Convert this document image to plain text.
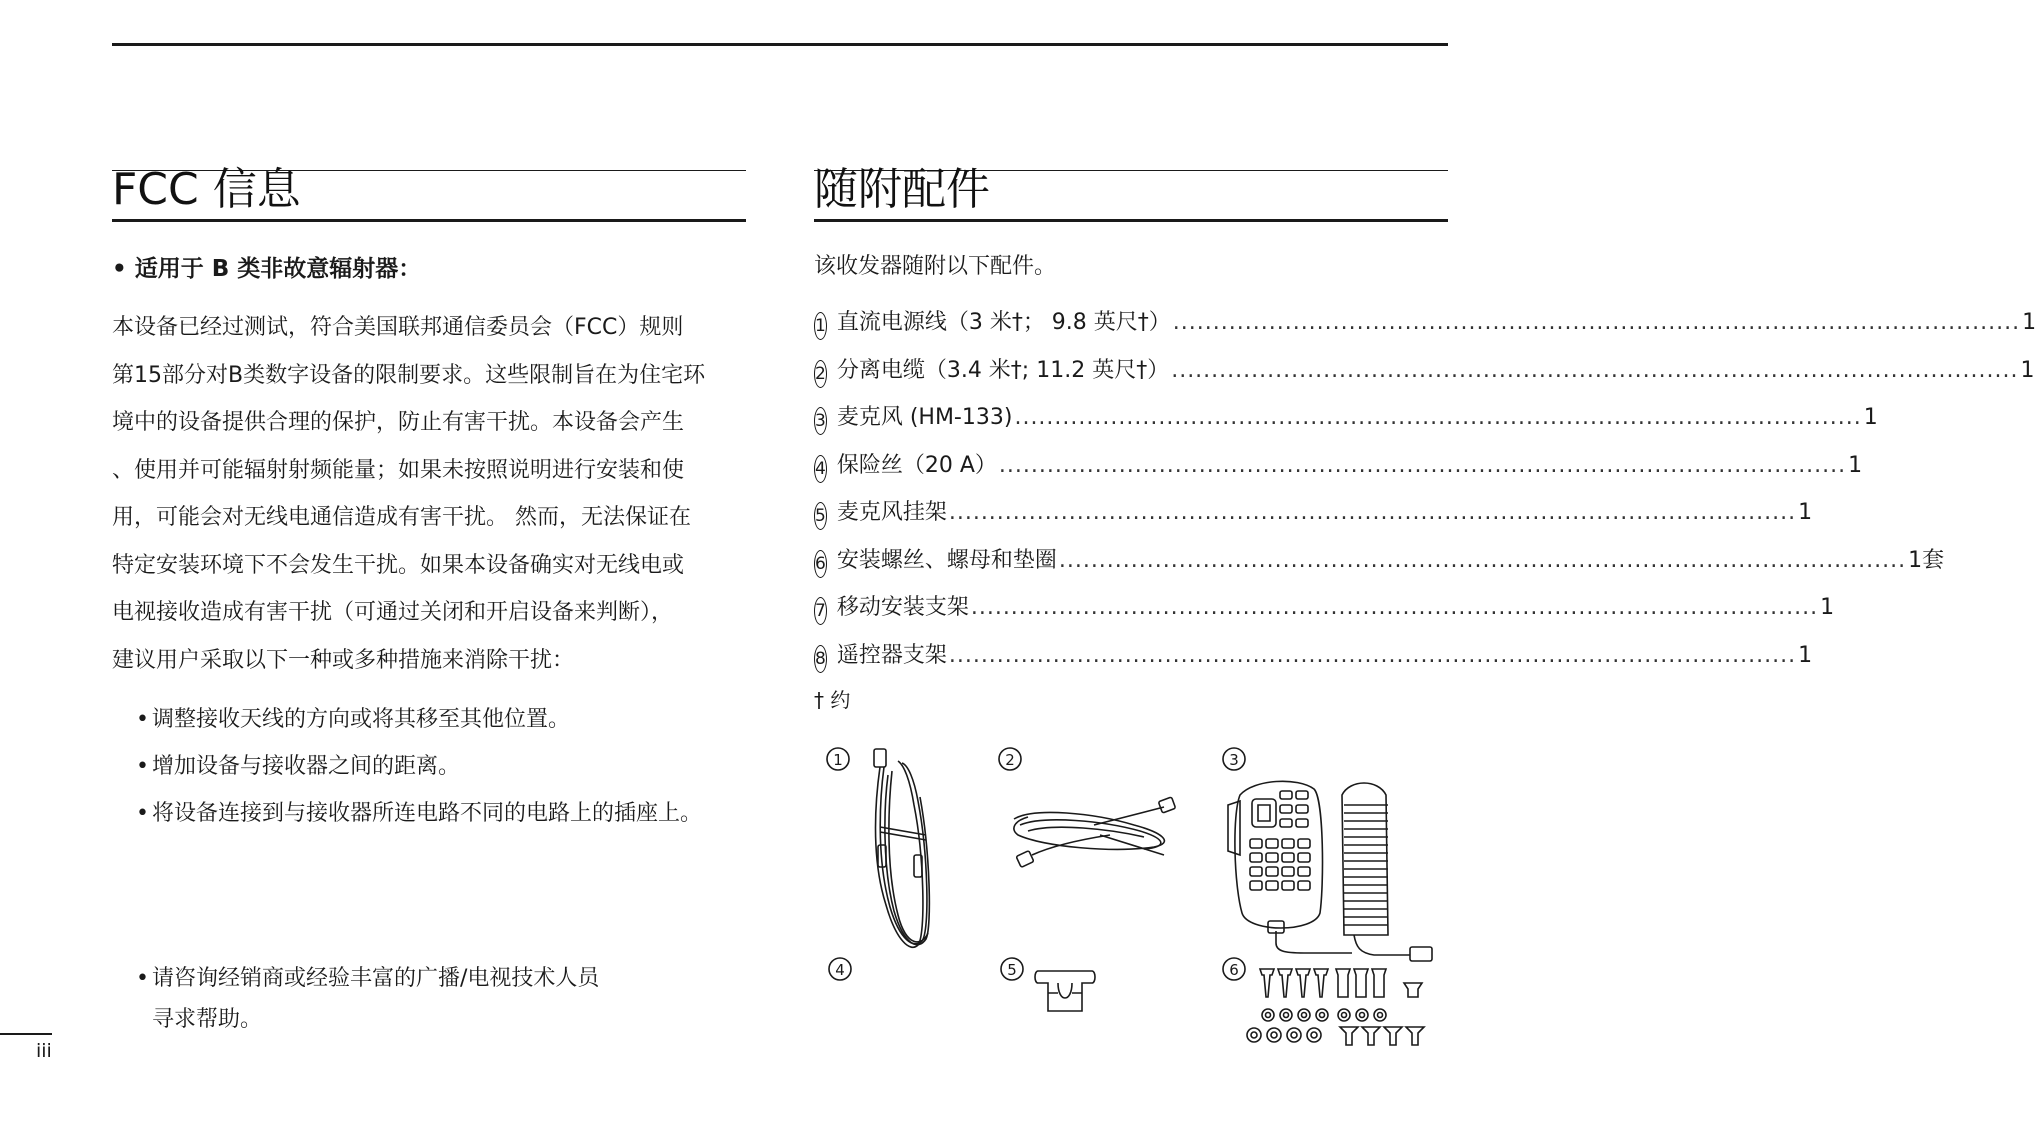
FCC 信息
• 适用于 B 类非故意辐射器：
本设备已经过测试，符合美国联邦通信委员会（FCC）规则
第15部分对B类数字设备的限制要求。这些限制旨在为住宅环
境中的设备提供合理的保护，防止有害干扰。本设备会产生
、使用并可能辐射射频能量；如果未按照说明进行安装和使
用，可能会对无线电通信造成有害干扰。 然而，无法保证在
特定安装环境下不会发生干扰。如果本设备确实对无线电或
电视接收造成有害干扰（可通过关闭和开启设备来判断），
建议用户采取以下一种或多种措施来消除干扰：
• 调整接收天线的方向或将其移至其他位置。
• 增加设备与接收器之间的距离。
• 将设备连接到与接收器所连电路不同的电路上的插座上。
• 请咨询经销商或经验丰富的广播/电视技术人员
寻求帮助。
iii
随附配件
该收发器随附以下配件。
1 直流电源线（3 米†； 9.8 英尺†） .......................................................................................................... 1
2 分离电缆（3.4 米†; 11.2 英尺†） .......................................................................................................... 1
3 麦克风 (HM-133) .......................................................................................................... 1
4 保险丝（20 A） .......................................................................................................... 1
5 麦克风挂架 .......................................................................................................... 1
6 安装螺丝、螺母和垫圈 .......................................................................................................... 1套
7 移动安装支架 .......................................................................................................... 1
8 遥控器支架 .......................................................................................................... 1
† 约
1	2	3
4	5	6
